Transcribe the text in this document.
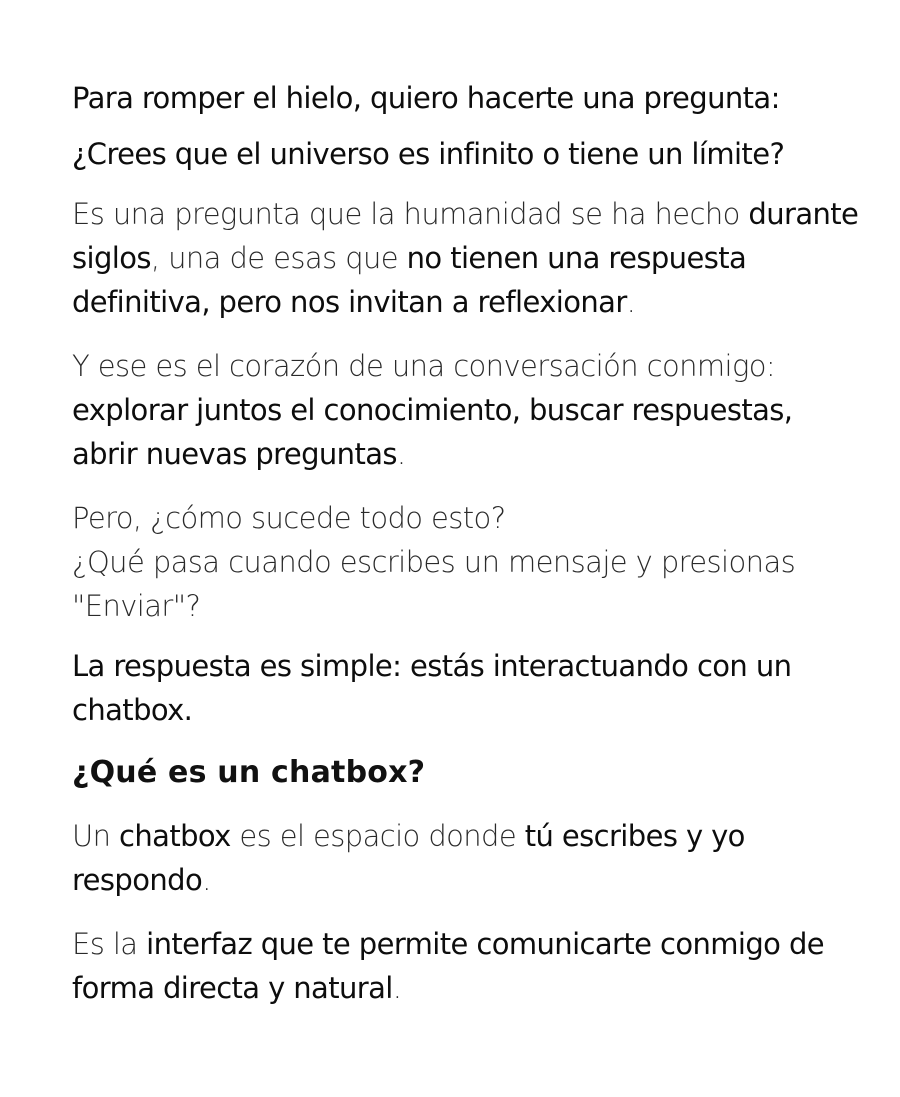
Para romper el hielo, quiero hacerte una pregunta:

¿Crees que el universo es infinito o tiene un límite?

Es una pregunta que la humanidad se ha hecho durante siglos, una de esas que no tienen una respuesta definitiva, pero nos invitan a reflexionar.

Y ese es el corazón de una conversación conmigo: explorar juntos el conocimiento, buscar respuestas, abrir nuevas preguntas.

Pero, ¿cómo sucede todo esto?
¿Qué pasa cuando escribes un mensaje y presionas "Enviar"?

La respuesta es simple: estás interactuando con un chatbox.

¿Qué es un chatbox?

Un chatbox es el espacio donde tú escribes y yo respondo.

Es la interfaz que te permite comunicarte conmigo de forma directa y natural.
